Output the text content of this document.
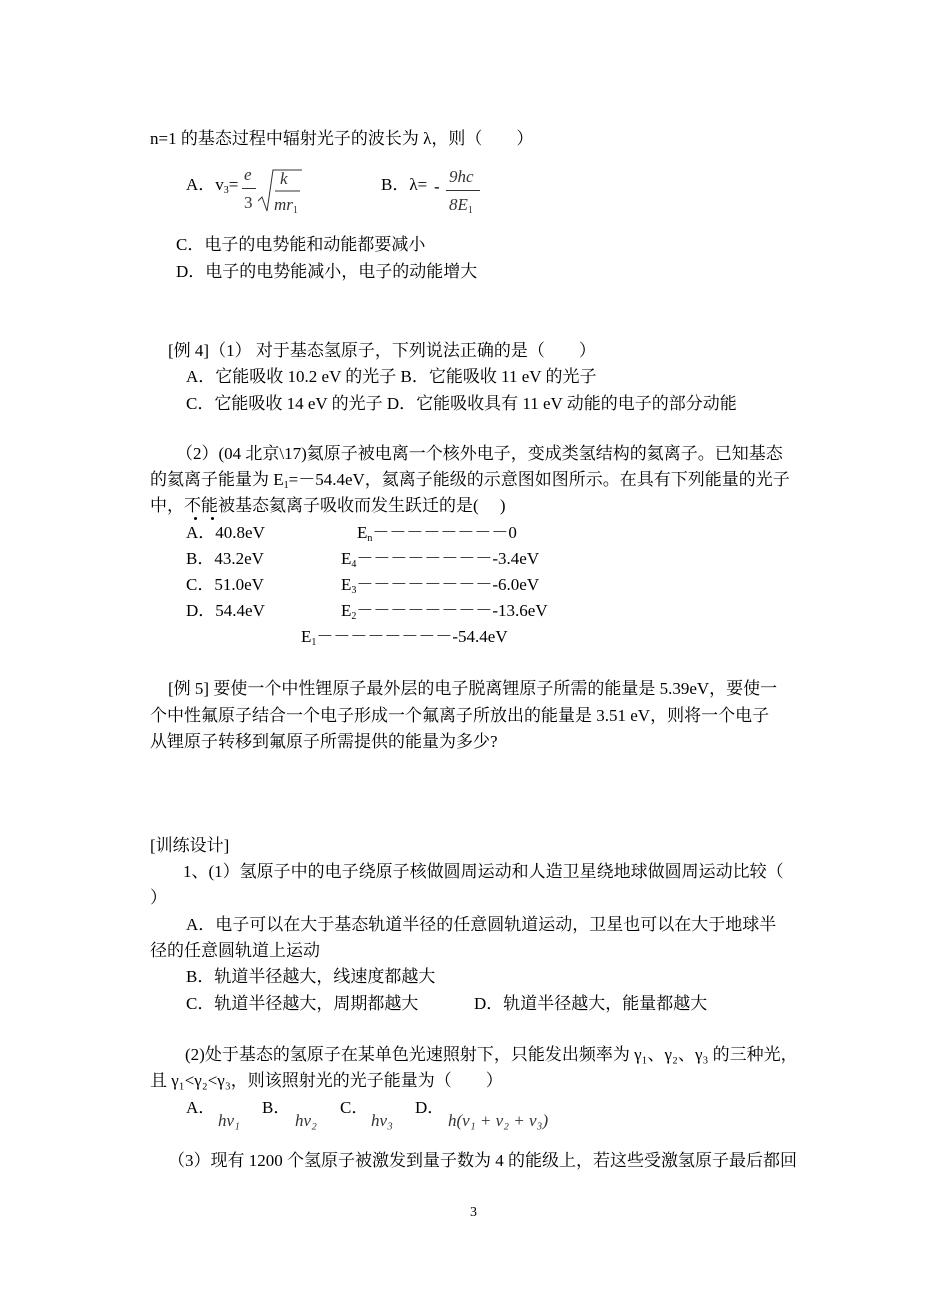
n=1 的基态过程中辐射光子的波长为 λ，则（　　）
A．$v_3=$
e
3
k
$mr_1$
B．λ= -
9hc
$8E_1$
C．电子的电势能和动能都要减小
D．电子的电势能减小，电子的动能增大
[例 4]（1） 对于基态氢原子，下列说法正确的是（　　）
A．它能吸收 10.2 eV 的光子 B．它能吸收 11 eV 的光子
C．它能吸收 14 eV 的光子 D．它能吸收具有 11 eV 动能的电子的部分动能
（2）(04 北京\17)氦原子被电离一个核外电子，变成类氢结构的氦离子。已知基态
的氦离子能量为 $E_1=-54.4eV$，氦离子能级的示意图如图所示。在具有下列能量的光子
中，不能被基态氦离子吸收而发生跃迁的是(　 )
A．40.8eV
B．43.2eV
C．51.0eV
D．54.4eV
$E_n--------0$
$E_4---------3.4eV$
$E_3---------6.0eV$
$E_2---------13.6eV$
$E_1---------54.4eV$
[例 5] 要使一个中性锂原子最外层的电子脱离锂原子所需的能量是 5.39eV，要使一
个中性氟原子结合一个电子形成一个氟离子所放出的能量是 3.51 eV，则将一个电子
从锂原子转移到氟原子所需提供的能量为多少?
[训练设计]
1、(1）氢原子中的电子绕原子核做圆周运动和人造卫星绕地球做圆周运动比较（
）
A．电子可以在大于基态轨道半径的任意圆轨道运动，卫星也可以在大于地球半
径的任意圆轨道上运动
B．轨道半径越大，线速度都越大
C．轨道半径越大，周期都越大	D．轨道半径越大，能量都越大
(2)处于基态的氢原子在某单色光速照射下，只能发出频率为 γ₁、γ₂、γ₃ 的三种光，
且 γ₁<γ₂<γ₃，则该照射光的光子能量为（　　）
A．
hν₁
B．
hν₂
C．
hν₃
D．
h(ν₁ + ν₂ + ν₃)
（3）现有 1200 个氢原子被激发到量子数为 4 的能级上，若这些受激氢原子最后都回
3
